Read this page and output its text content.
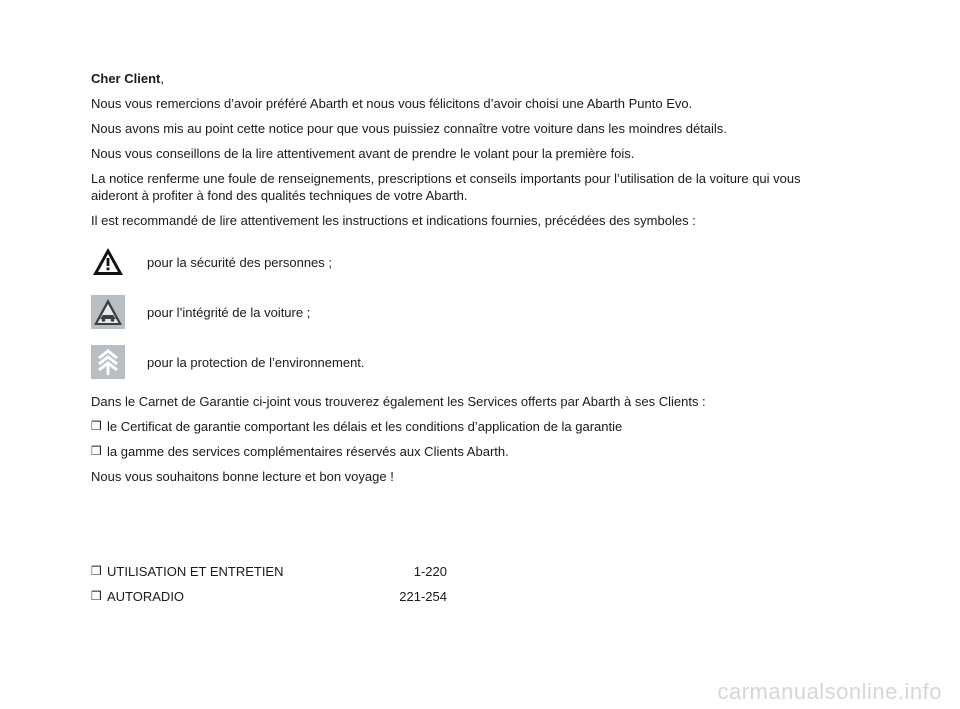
Cher Client,

Nous vous remercions d’avoir préféré Abarth et nous vous félicitons d’avoir choisi une Abarth Punto Evo.

Nous avons mis au point cette notice pour que vous puissiez connaître votre voiture dans les moindres détails.

Nous vous conseillons de la lire attentivement avant de prendre le volant pour la première fois.

La notice renferme une foule de renseignements, prescriptions et conseils importants pour l’utilisation de la voiture qui vous aideront à profiter à fond des qualités techniques de votre Abarth.

Il est recommandé de lire attentivement les instructions et indications fournies, précédées des symboles :

pour la sécurité des personnes ;
pour l’intégrité de la voiture ;
pour la protection de l’environnement.

Dans le Carnet de Garantie ci-joint vous trouverez également les Services offerts par Abarth à ses Clients :

❒ le Certificat de garantie comportant les délais et les conditions d’application de la garantie
❒ la gamme des services complémentaires réservés aux Clients Abarth.

Nous vous souhaitons bonne lecture et bon voyage !

❒ UTILISATION ET ENTRETIEN	1-220
❒ AUTORADIO	221-254
carmanualsonline.info
